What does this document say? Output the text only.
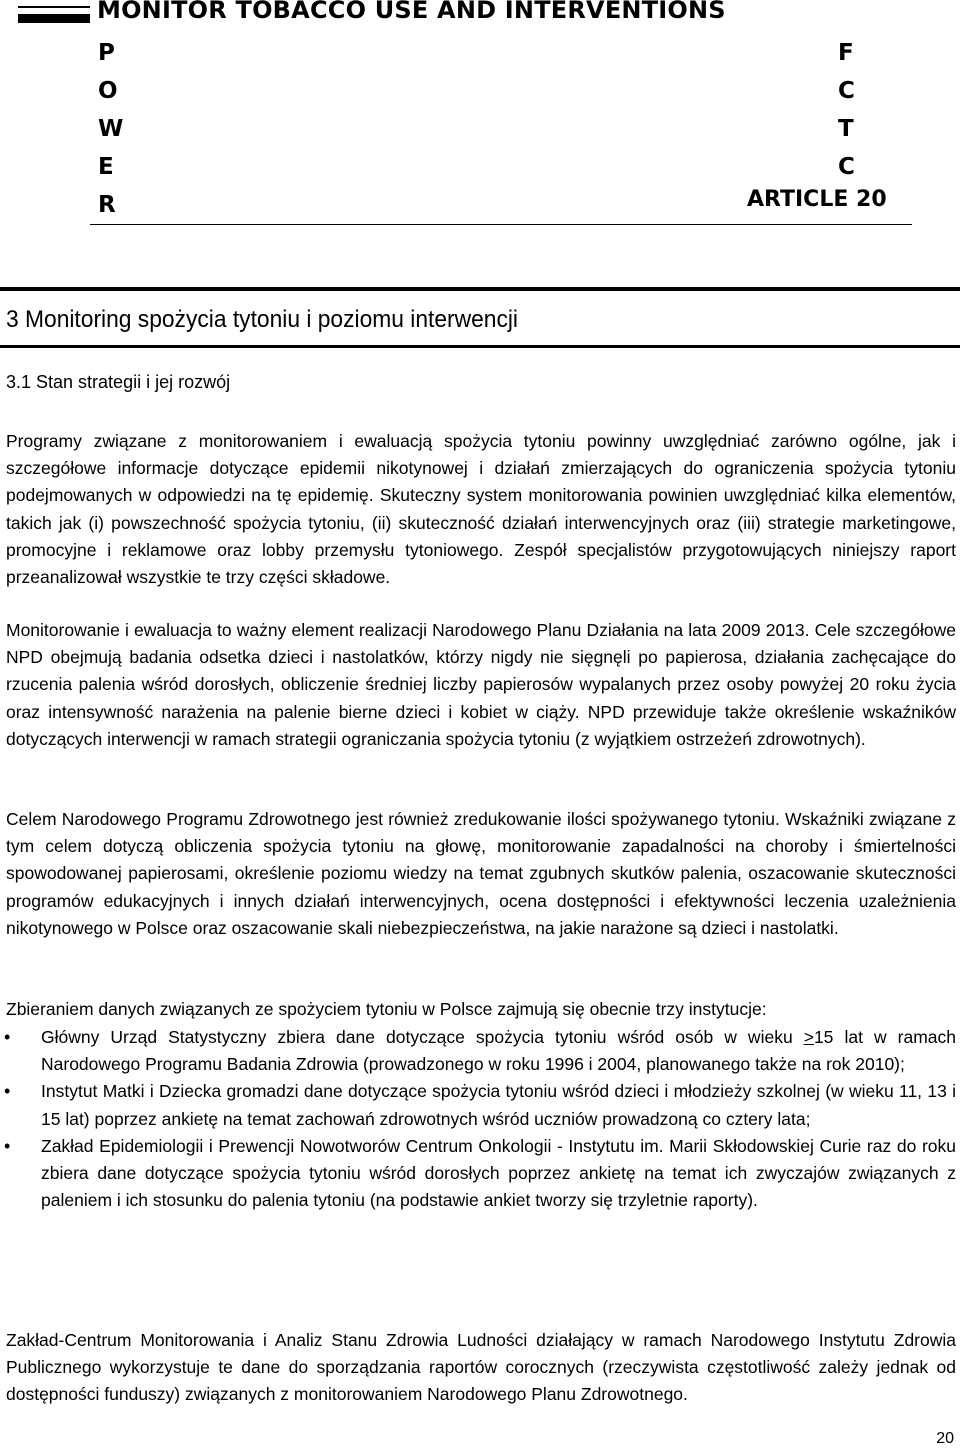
MONITOR TOBACCO USE AND INTERVENTIONS
P
O
W
E
R
F
C
T
C
ARTICLE 20
3 Monitoring spożycia tytoniu i poziomu interwencji
3.1 Stan strategii i jej rozwój

Programy związane z monitorowaniem i ewaluacją spożycia tytoniu powinny uwzględniać zarówno ogólne, jak i szczegółowe informacje dotyczące epidemii nikotynowej i działań zmierzających do ograniczenia spożycia tytoniu podejmowanych w odpowiedzi na tę epidemię. Skuteczny system monitorowania powinien uwzględniać kilka elementów, takich jak (i) powszechność spożycia tytoniu, (ii) skuteczność działań interwencyjnych oraz (iii) strategie marketingowe, promocyjne i reklamowe oraz lobby przemysłu tytoniowego. Zespół specjalistów przygotowujących niniejszy raport przeanalizował wszystkie te trzy części składowe.

Monitorowanie i ewaluacja to ważny element realizacji Narodowego Planu Działania na lata 2009 2013. Cele szczegółowe NPD obejmują badania odsetka dzieci i nastolatków, którzy nigdy nie sięgnęli po papierosa, działania zachęcające do rzucenia palenia wśród dorosłych, obliczenie średniej liczby papierosów wypalanych przez osoby powyżej 20 roku życia oraz intensywność narażenia na palenie bierne dzieci i kobiet w ciąży. NPD przewiduje także określenie wskaźników dotyczących interwencji w ramach strategii ograniczania spożycia tytoniu (z wyjątkiem ostrzeżeń zdrowotnych).

Celem Narodowego Programu Zdrowotnego jest również zredukowanie ilości spożywanego tytoniu. Wskaźniki związane z tym celem dotyczą obliczenia spożycia tytoniu na głowę, monitorowanie zapadalności na choroby i śmiertelności spowodowanej papierosami, określenie poziomu wiedzy na temat zgubnych skutków palenia, oszacowanie skuteczności programów edukacyjnych i innych działań interwencyjnych, ocena dostępności i efektywności leczenia uzależnienia nikotynowego w Polsce oraz oszacowanie skali niebezpieczeństwa, na jakie narażone są dzieci i nastolatki.

Zbieraniem danych związanych ze spożyciem tytoniu w Polsce zajmują się obecnie trzy instytucje:

• Główny Urząd Statystyczny zbiera dane dotyczące spożycia tytoniu wśród osób w wieku >15 lat w ramach Narodowego Programu Badania Zdrowia (prowadzonego w roku 1996 i 2004, planowanego także na rok 2010);
• Instytut Matki i Dziecka gromadzi dane dotyczące spożycia tytoniu wśród dzieci i młodzieży szkolnej (w wieku 11, 13 i 15 lat) poprzez ankietę na temat zachowań zdrowotnych wśród uczniów prowadzoną co cztery lata;
• Zakład Epidemiologii i Prewencji Nowotworów Centrum Onkologii - Instytutu im. Marii Skłodowskiej Curie raz do roku zbiera dane dotyczące spożycia tytoniu wśród dorosłych poprzez ankietę na temat ich zwyczajów związanych z paleniem i ich stosunku do palenia tytoniu (na podstawie ankiet tworzy się trzyletnie raporty).

Zakład-Centrum Monitorowania i Analiz Stanu Zdrowia Ludności działający w ramach Narodowego Instytutu Zdrowia Publicznego wykorzystuje te dane do sporządzania raportów corocznych (rzeczywista częstotliwość zależy jednak od dostępności funduszy) związanych z monitorowaniem Narodowego Planu Zdrowotnego.

20
